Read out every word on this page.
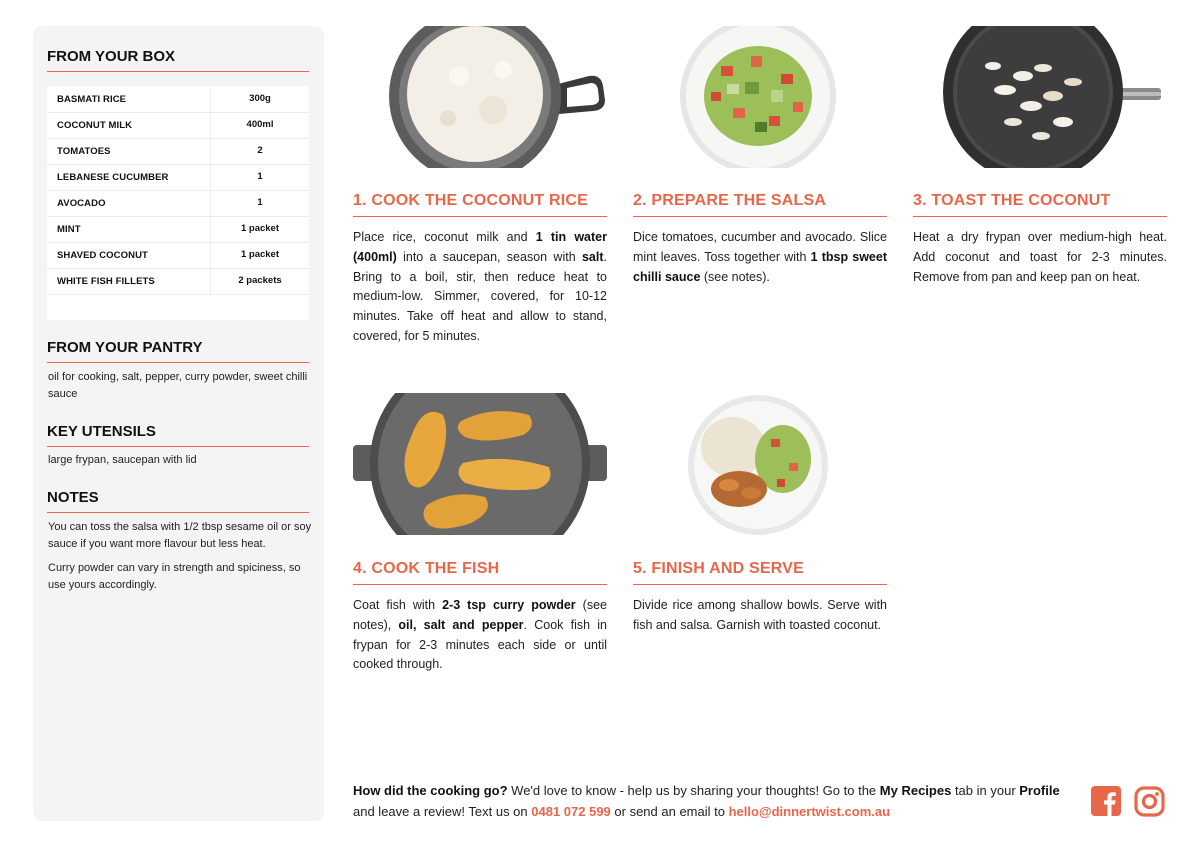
FROM YOUR BOX
BASMATI RICE	300g
COCONUT MILK	400ml
TOMATOES	2
LEBANESE CUCUMBER	1
AVOCADO	1
MINT	1 packet
SHAVED COCONUT	1 packet
WHITE FISH FILLETS	2 packets
FROM YOUR PANTRY
oil for cooking, salt, pepper, curry powder, sweet chilli sauce
KEY UTENSILS
large frypan, saucepan with lid
NOTES
You can toss the salsa with 1/2 tbsp sesame oil or soy sauce if you want more flavour but less heat.
Curry powder can vary in strength and spiciness, so use yours accordingly.
1. COOK THE COCONUT RICE
Place rice, coconut milk and 1 tin water (400ml) into a saucepan, season with salt. Bring to a boil, stir, then reduce heat to medium-low. Simmer, covered, for 10-12 minutes. Take off heat and allow to stand, covered, for 5 minutes.
2. PREPARE THE SALSA
Dice tomatoes, cucumber and avocado. Slice mint leaves. Toss together with 1 tbsp sweet chilli sauce (see notes).
3. TOAST THE COCONUT
Heat a dry frypan over medium-high heat. Add coconut and toast for 2-3 minutes. Remove from pan and keep pan on heat.
4. COOK THE FISH
Coat fish with 2-3 tsp curry powder (see notes), oil, salt and pepper. Cook fish in frypan for 2-3 minutes each side or until cooked through.
5. FINISH AND SERVE
Divide rice among shallow bowls. Serve with fish and salsa. Garnish with toasted coconut.
How did the cooking go? We'd love to know - help us by sharing your thoughts! Go to the My Recipes tab in your Profile and leave a review! Text us on 0481 072 599 or send an email to hello@dinnertwist.com.au
